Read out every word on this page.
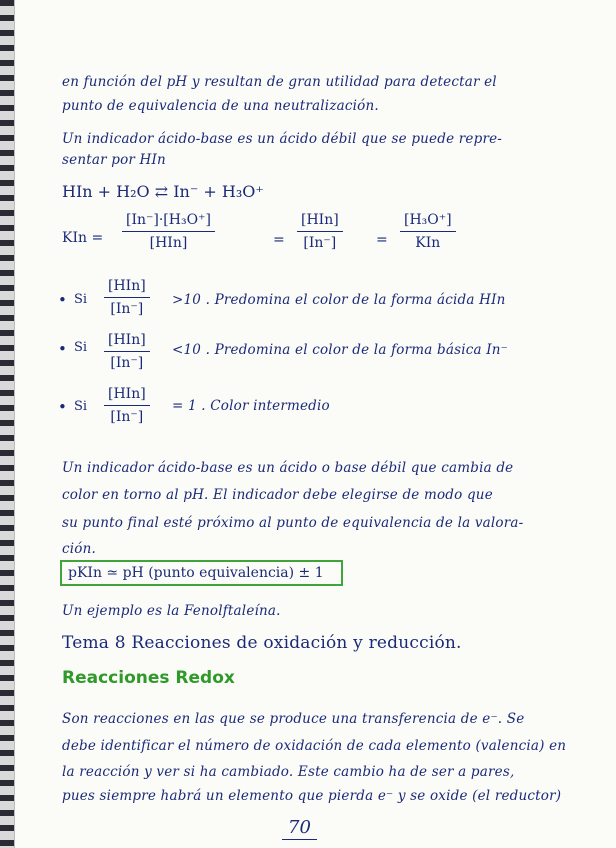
en función del pH y resultan de gran utilidad para detectar el
punto de equivalencia de una neutralización.
Un indicador ácido-base es un ácido débil que se puede repre-
sentar por HIn
HIn + H₂O ⇄ In⁻ + H₃O⁺
KIn =
[In⁻]·[H₃O⁺]
[HIn]	=
[HIn]
[In⁻]	=
[H₃O⁺]
KIn
• Si
[HIn]
[In⁻]
>10 . Predomina el color de la forma ácida HIn
• Si [HIn]
[In⁻]
<10 . Predomina el color de la forma básica In⁻
• Si
[HIn]
[In⁻]
= 1 . Color intermedio
Un indicador ácido-base es un ácido o base débil que cambia de
color en torno al pH. El indicador debe elegirse de modo que
su punto final esté próximo al punto de equivalencia de la valora-
ción.
pKIn ≃ pH (punto equivalencia) ± 1
Un ejemplo es la Fenolftaleína.
Tema 8 Reacciones de oxidación y reducción.
Reacciones Redox
Son reacciones en las que se produce una transferencia de e⁻. Se
debe identificar el número de oxidación de cada elemento (valencia) en
la reacción y ver si ha cambiado. Este cambio ha de ser a pares,
pues siempre habrá un elemento que pierda e⁻ y se oxide (el reductor)
70
